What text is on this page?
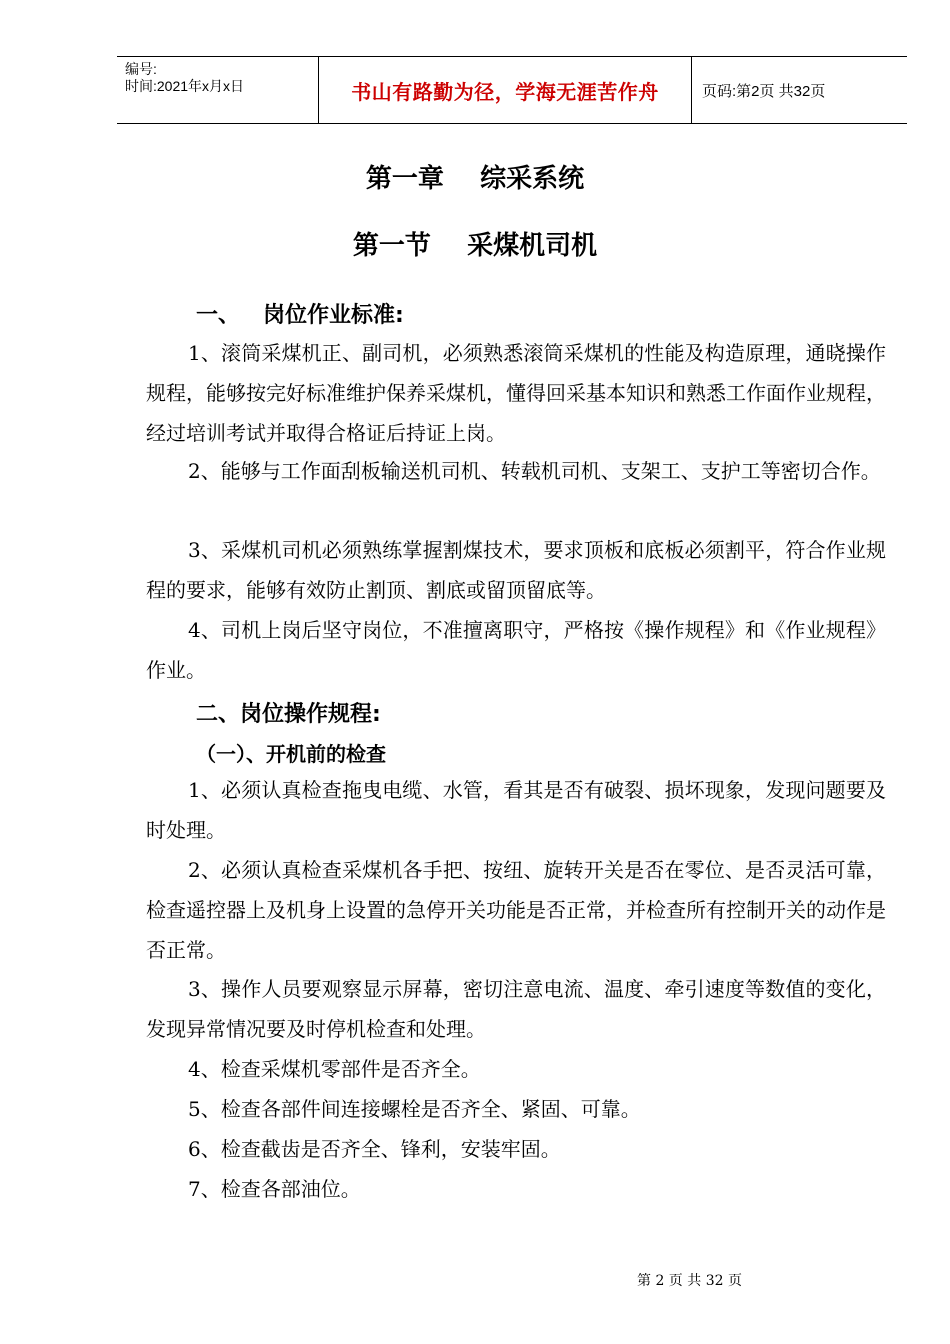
编号:
时间:2021年x月x日	书山有路勤为径，学海无涯苦作舟	页码:第2页 共32页
第一章    综采系统
第一节    采煤机司机
一、   岗位作业标准:

1、滚筒采煤机正、副司机，必须熟悉滚筒采煤机的性能及构造原理，通晓操作规程，能够按完好标准维护保养采煤机，懂得回采基本知识和熟悉工作面作业规程，经过培训考试并取得合格证后持证上岗。

2、能够与工作面刮板输送机司机、转载机司机、支架工、支护工等密切合作。

3、采煤机司机必须熟练掌握割煤技术，要求顶板和底板必须割平，符合作业规程的要求，能够有效防止割顶、割底或留顶留底等。

4、司机上岗后坚守岗位，不准擅离职守，严格按《操作规程》和《作业规程》作业。

二、岗位操作规程:
（一）、开机前的检查

1、必须认真检查拖曳电缆、水管，看其是否有破裂、损坏现象，发现问题要及时处理。

2、必须认真检查采煤机各手把、按纽、旋转开关是否在零位、是否灵活可靠，检查遥控器上及机身上设置的急停开关功能是否正常，并检查所有控制开关的动作是否正常。

3、操作人员要观察显示屏幕，密切注意电流、温度、牵引速度等数值的变化，发现异常情况要及时停机检查和处理。

4、检查采煤机零部件是否齐全。

5、检查各部件间连接螺栓是否齐全、紧固、可靠。

6、检查截齿是否齐全、锋利，安装牢固。

7、检查各部油位。

第 2 页 共 32 页
